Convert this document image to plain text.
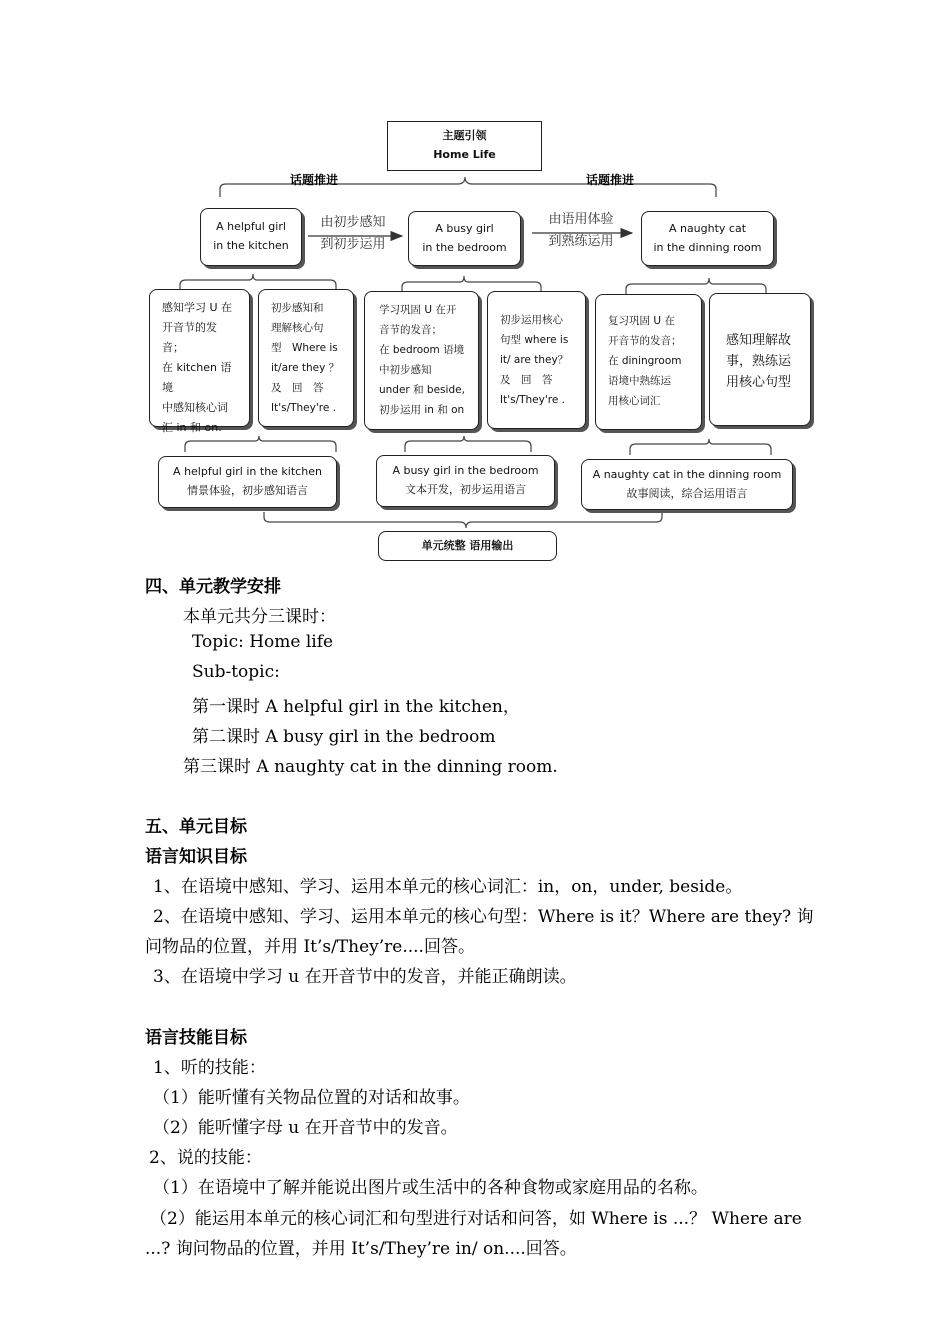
主题引领
Home Life
话题推进	话题推进
A helpful girl
in the kitchen
A busy girl
in the bedroom
A naughty cat
in the dinning room
由初步感知
到初步运用
由语用体验
到熟练运用
感知学习 U 在
开音节的发
音；
在 kitchen 语境
中感知核心词
汇 in 和 on.
初步感知和
理解核心句
型　Where is
it/are they ？
及　回　答
It's/They're .
学习巩固 U 在开
音节的发音；
在 bedroom 语境
中初步感知
under 和 beside,
初步运用 in 和 on
初步运用核心
句型 where is
it/ are they？
及　回　答
It's/They're .
复习巩固 U 在
开音节的发音；
在 diningroom
语境中熟练运
用核心词汇
感知理解故
事，熟练运
用核心句型
A helpful girl in the kitchen
情景体验，初步感知语言
A busy girl in the bedroom
文本开发，初步运用语言
A naughty cat in the dinning room
故事阅读，综合运用语言
单元统整 语用输出
四、单元教学安排
本单元共分三课时：
Topic: Home life
Sub-topic:
第一课时 A helpful girl in the kitchen，
第二课时 A busy girl in the bedroom
第三课时 A naughty cat in the dinning room.
五、单元目标
语言知识目标
1、在语境中感知、学习、运用本单元的核心词汇：in，on，under, beside。
2、在语境中感知、学习、运用本单元的核心句型：Where is it？Where are they? 询
问物品的位置，并用 It’s/They’re....回答。
3、在语境中学习 u 在开音节中的发音，并能正确朗读。
语言技能目标
1、听的技能：
（1）能听懂有关物品位置的对话和故事。
（2）能听懂字母 u 在开音节中的发音。
2、说的技能：
（1）在语境中了解并能说出图片或生活中的各种食物或家庭用品的名称。
（2）能运用本单元的核心词汇和句型进行对话和问答，如 Where is ...？ Where are
...? 询问物品的位置，并用 It’s/They’re in/ on....回答。
